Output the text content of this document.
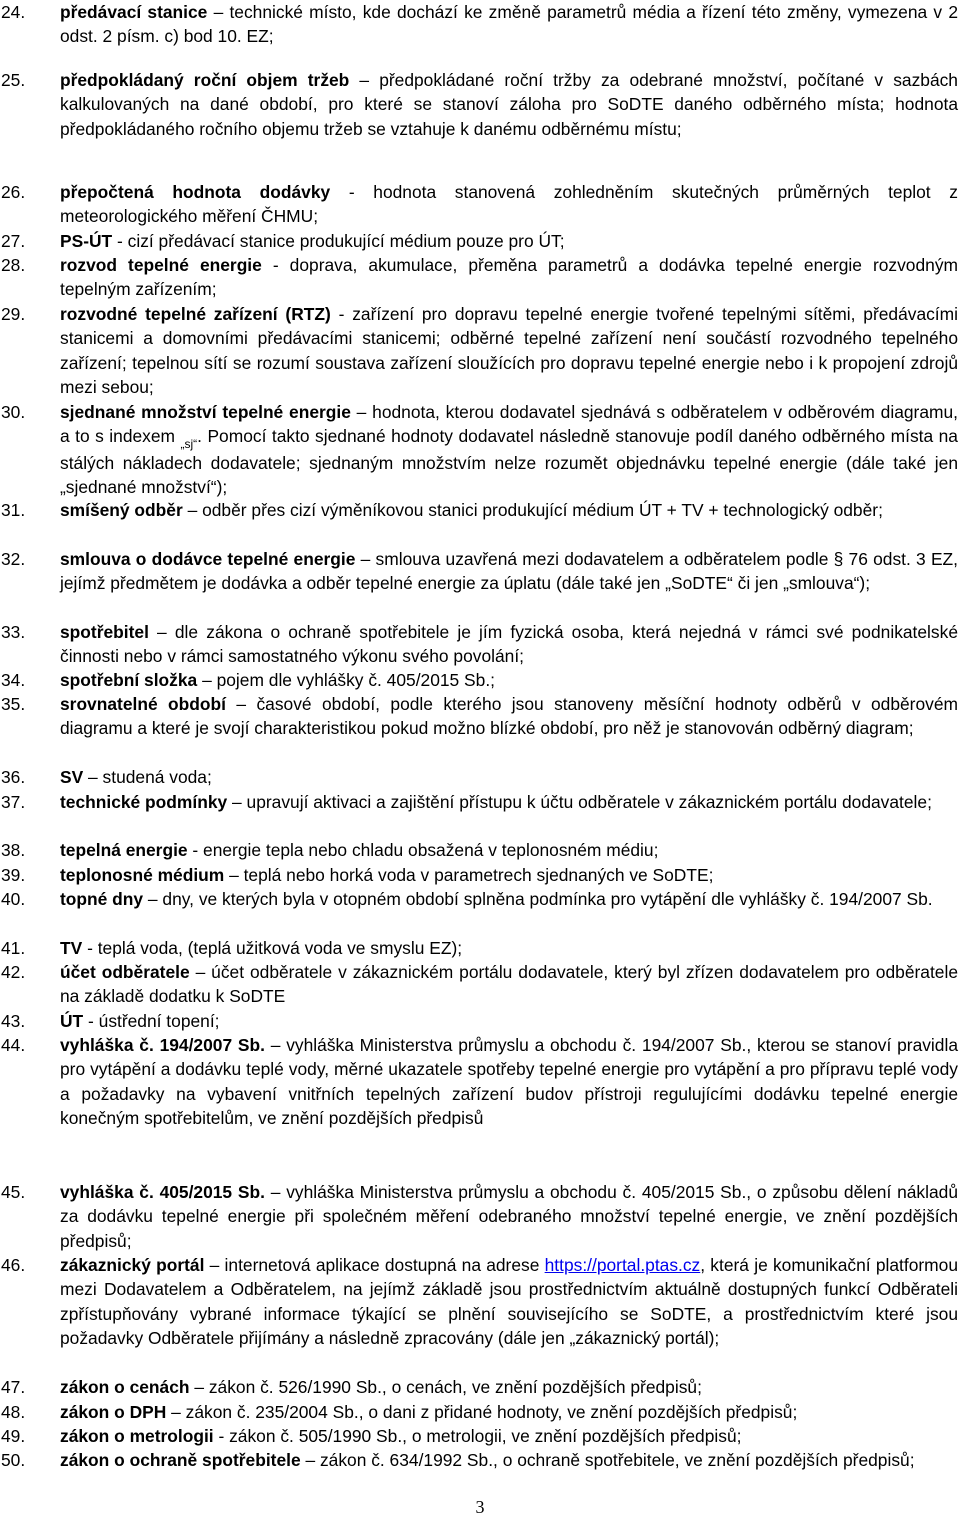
24.	předávací stanice – technické místo, kde dochází ke změně parametrů média a řízení této změny, vymezena v 2 odst. 2 písm. c) bod 10. EZ;
25.	předpokládaný roční objem tržeb – předpokládané roční tržby za odebrané množství, počítané v sazbách kalkulovaných na dané období, pro které se stanoví záloha pro SoDTE daného odběrného místa; hodnota předpokládaného ročního objemu tržeb se vztahuje k danému odběrnému místu;
26.	přepočtená hodnota dodávky - hodnota stanovená zohledněním skutečných průměrných teplot z meteorologického měření ČHMU;
27.	PS-ÚT - cizí předávací stanice produkující médium pouze pro ÚT;
28.	rozvod tepelné energie - doprava, akumulace, přeměna parametrů a dodávka tepelné energie rozvodným tepelným zařízením;
29.	rozvodné tepelné zařízení (RTZ) - zařízení pro dopravu tepelné energie tvořené tepelnými sítěmi, předávacími stanicemi a domovními předávacími stanicemi; odběrné tepelné zařízení není součástí rozvodného tepelného zařízení; tepelnou sítí se rozumí soustava zařízení sloužících pro dopravu tepelné energie nebo i k propojení zdrojů mezi sebou;
30.	sjednané množství tepelné energie – hodnota, kterou dodavatel sjednává s odběratelem v odběrovém diagramu, a to s indexem $_{„sj“}$. Pomocí takto sjednané hodnoty dodavatel následně stanovuje podíl daného odběrného místa na stálých nákladech dodavatele; sjednaným množstvím nelze rozumět objednávku tepelné energie (dále také jen „sjednané množství“);
31.	smíšený odběr – odběr přes cizí výměníkovou stanici produkující médium ÚT + TV + technologický odběr;
32.	smlouva o dodávce tepelné energie – smlouva uzavřená mezi dodavatelem a odběratelem podle § 76 odst. 3 EZ, jejímž předmětem je dodávka a odběr tepelné energie za úplatu (dále také jen „SoDTE“ či jen „smlouva“);
33.	spotřebitel – dle zákona o ochraně spotřebitele je jím fyzická osoba, která nejedná v rámci své podnikatelské činnosti nebo v rámci samostatného výkonu svého povolání;
34.	spotřební složka – pojem dle vyhlášky č. 405/2015 Sb.;
35.	srovnatelné období – časové období, podle kterého jsou stanoveny měsíční hodnoty odběrů v odběrovém diagramu a které je svojí charakteristikou pokud možno blízké období, pro něž je stanovován odběrný diagram;
36.	SV – studená voda;
37.	technické podmínky – upravují aktivaci a zajištění přístupu k účtu odběratele v zákaznickém portálu dodavatele;
38.	tepelná energie - energie tepla nebo chladu obsažená v teplonosném médiu;
39.	teplonosné médium – teplá nebo horká voda v parametrech sjednaných ve SoDTE;
40.	topné dny – dny, ve kterých byla v otopném období splněna podmínka pro vytápění dle vyhlášky č. 194/2007 Sb.
41.	TV - teplá voda, (teplá užitková voda ve smyslu EZ);
42.	účet odběratele – účet odběratele v zákaznickém portálu dodavatele, který byl zřízen dodavatelem pro odběratele na základě dodatku k SoDTE
43.	ÚT - ústřední topení;
44.	vyhláška č. 194/2007 Sb. – vyhláška Ministerstva průmyslu a obchodu č. 194/2007 Sb., kterou se stanoví pravidla pro vytápění a dodávku teplé vody, měrné ukazatele spotřeby tepelné energie pro vytápění a pro přípravu teplé vody a požadavky na vybavení vnitřních tepelných zařízení budov přístroji regulujícími dodávku tepelné energie konečným spotřebitelům, ve znění pozdějších předpisů
45.	vyhláška č. 405/2015 Sb. – vyhláška Ministerstva průmyslu a obchodu č. 405/2015 Sb., o způsobu dělení nákladů za dodávku tepelné energie při společném měření odebraného množství tepelné energie, ve znění pozdějších předpisů;
46.	zákaznický portál – internetová aplikace dostupná na adrese https://portal.ptas.cz, která je komunikační platformou mezi Dodavatelem a Odběratelem, na jejímž základě jsou prostřednictvím aktuálně dostupných funkcí Odběrateli zpřístupňovány vybrané informace týkající se plnění souvisejícího se SoDTE, a prostřednictvím které jsou požadavky Odběratele přijímány a následně zpracovány (dále jen „zákaznický portál);
47.	zákon o cenách – zákon č. 526/1990 Sb., o cenách, ve znění pozdějších předpisů;
48.	zákon o DPH – zákon č. 235/2004 Sb., o dani z přidané hodnoty, ve znění pozdějších předpisů;
49.	zákon o metrologii - zákon č. 505/1990 Sb., o metrologii, ve znění pozdějších předpisů;
50.	zákon o ochraně spotřebitele – zákon č. 634/1992 Sb., o ochraně spotřebitele, ve znění pozdějších předpisů;
3
